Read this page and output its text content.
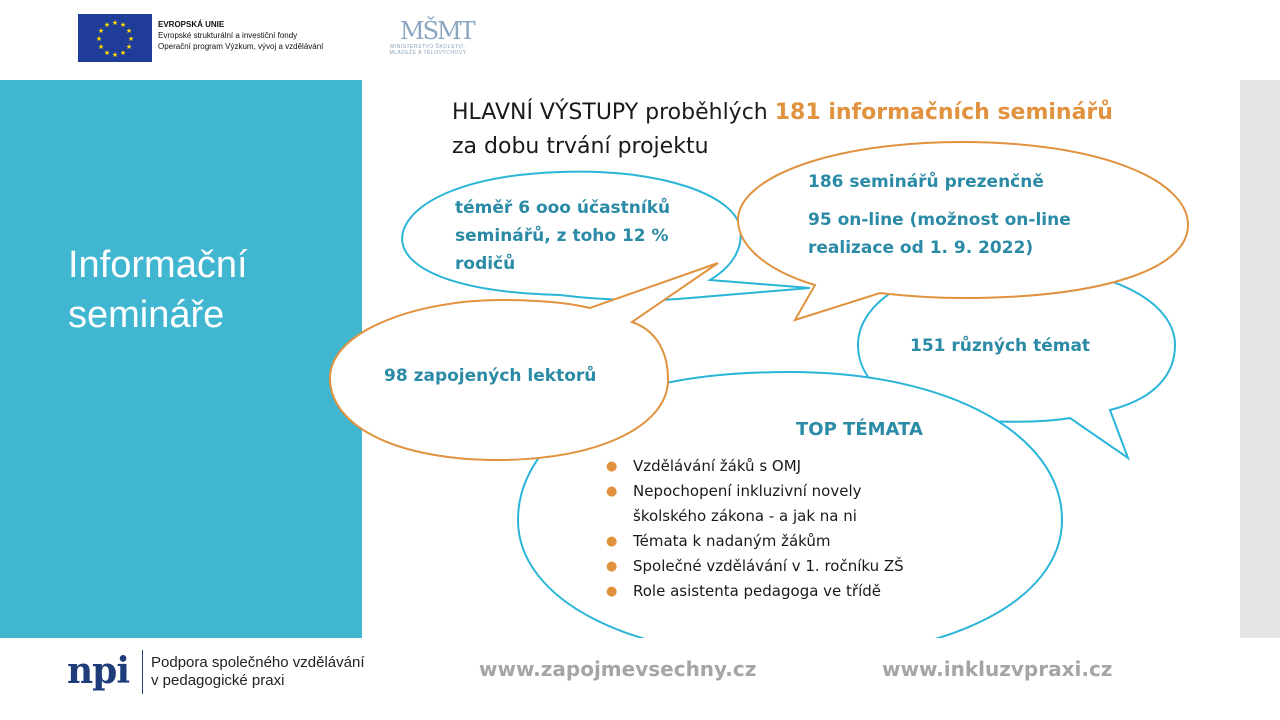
★ ★
★
★
★
★
★
★
★
★
★
★	EVROPSKÁ UNIE
Evropské strukturální a investiční fondy
Operační program Výzkum, vývoj a vzdělávání
MŠMT
MINISTERSTVO ŠKOLSTVÍ,
MLÁDEŽE A TĚLOVÝCHOVY
Informační
semináře
HLAVNÍ VÝSTUPY proběhlých 181 informačních seminářů
za dobu trvání projektu
téměř 6 ooo účastníků
seminářů, z toho 12 %
rodičů
186 seminářů prezenčně
95 on-line (možnost on-line
realizace od 1. 9. 2022)
98 zapojených lektorů
151 různých témat
TOP TÉMATA
● Vzdělávání žáků s OMJ
● Nepochopení inkluzivní novely
školského zákona - a jak na ni
● Témata k nadaným žákům
● Společné vzdělávání v 1. ročníku ZŠ
● Role asistenta pedagoga ve třídě
npi Podpora společného vzdělávání
v pedagogické praxi	www.zapojmevsechny.cz	www.inkluzvpraxi.cz
